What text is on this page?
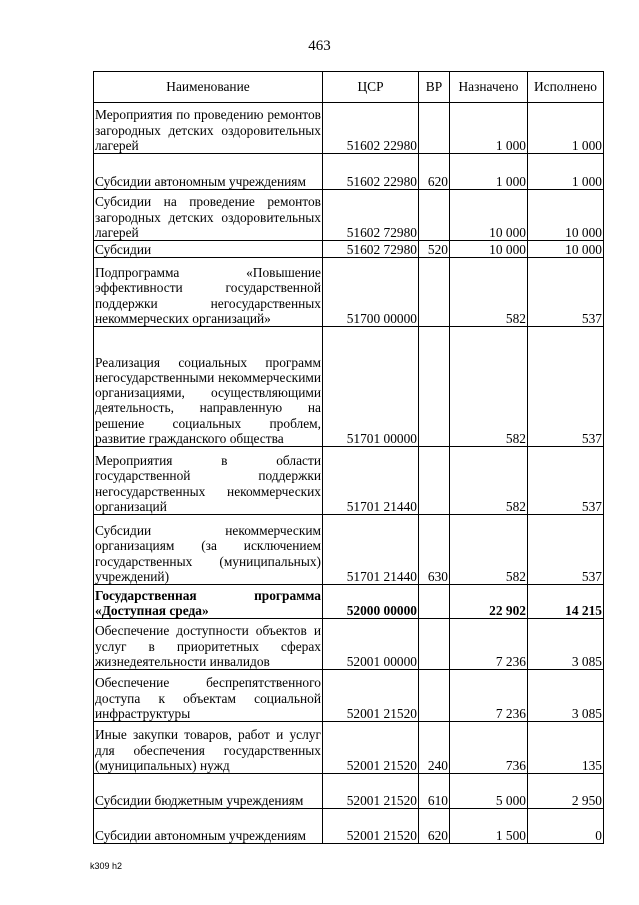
463
Наименование	ЦСР	ВР	Назначено	Исполнено
Мероприятия по проведению ремонтов загородных детских оздоровительных лагерей	51602 22980		1 000	1 000
Субсидии автономным учреждениям	51602 22980	620	1 000	1 000
Субсидии на проведение ремонтов загородных детских оздоровительных лагерей	51602 72980		10 000	10 000
Субсидии	51602 72980	520	10 000	10 000
Подпрограмма «Повышение эффективности государственной поддержки негосударственных некоммерческих организаций»	51700 00000		582	537
Реализация социальных программ негосударственными некоммерческими организациями, осуществляющими деятельность, направленную на решение социальных проблем, развитие гражданского общества	51701 00000		582	537
Мероприятия в области государственной поддержки негосударственных некоммерческих организаций	51701 21440		582	537
Субсидии некоммерческим организациям (за исключением государственных (муниципальных) учреждений)	51701 21440	630	582	537
Государственная программа «Доступная среда»	52000 00000		22 902	14 215
Обеспечение доступности объектов и услуг в приоритетных сферах жизнедеятельности инвалидов	52001 00000		7 236	3 085
Обеспечение беспрепятственного доступа к объектам социальной инфраструктуры	52001 21520		7 236	3 085
Иные закупки товаров, работ и услуг для обеспечения государственных (муниципальных) нужд	52001 21520	240	736	135
Субсидии бюджетным учреждениям	52001 21520	610	5 000	2 950
Субсидии автономным учреждениям	52001 21520	620	1 500	0
k309 h2
